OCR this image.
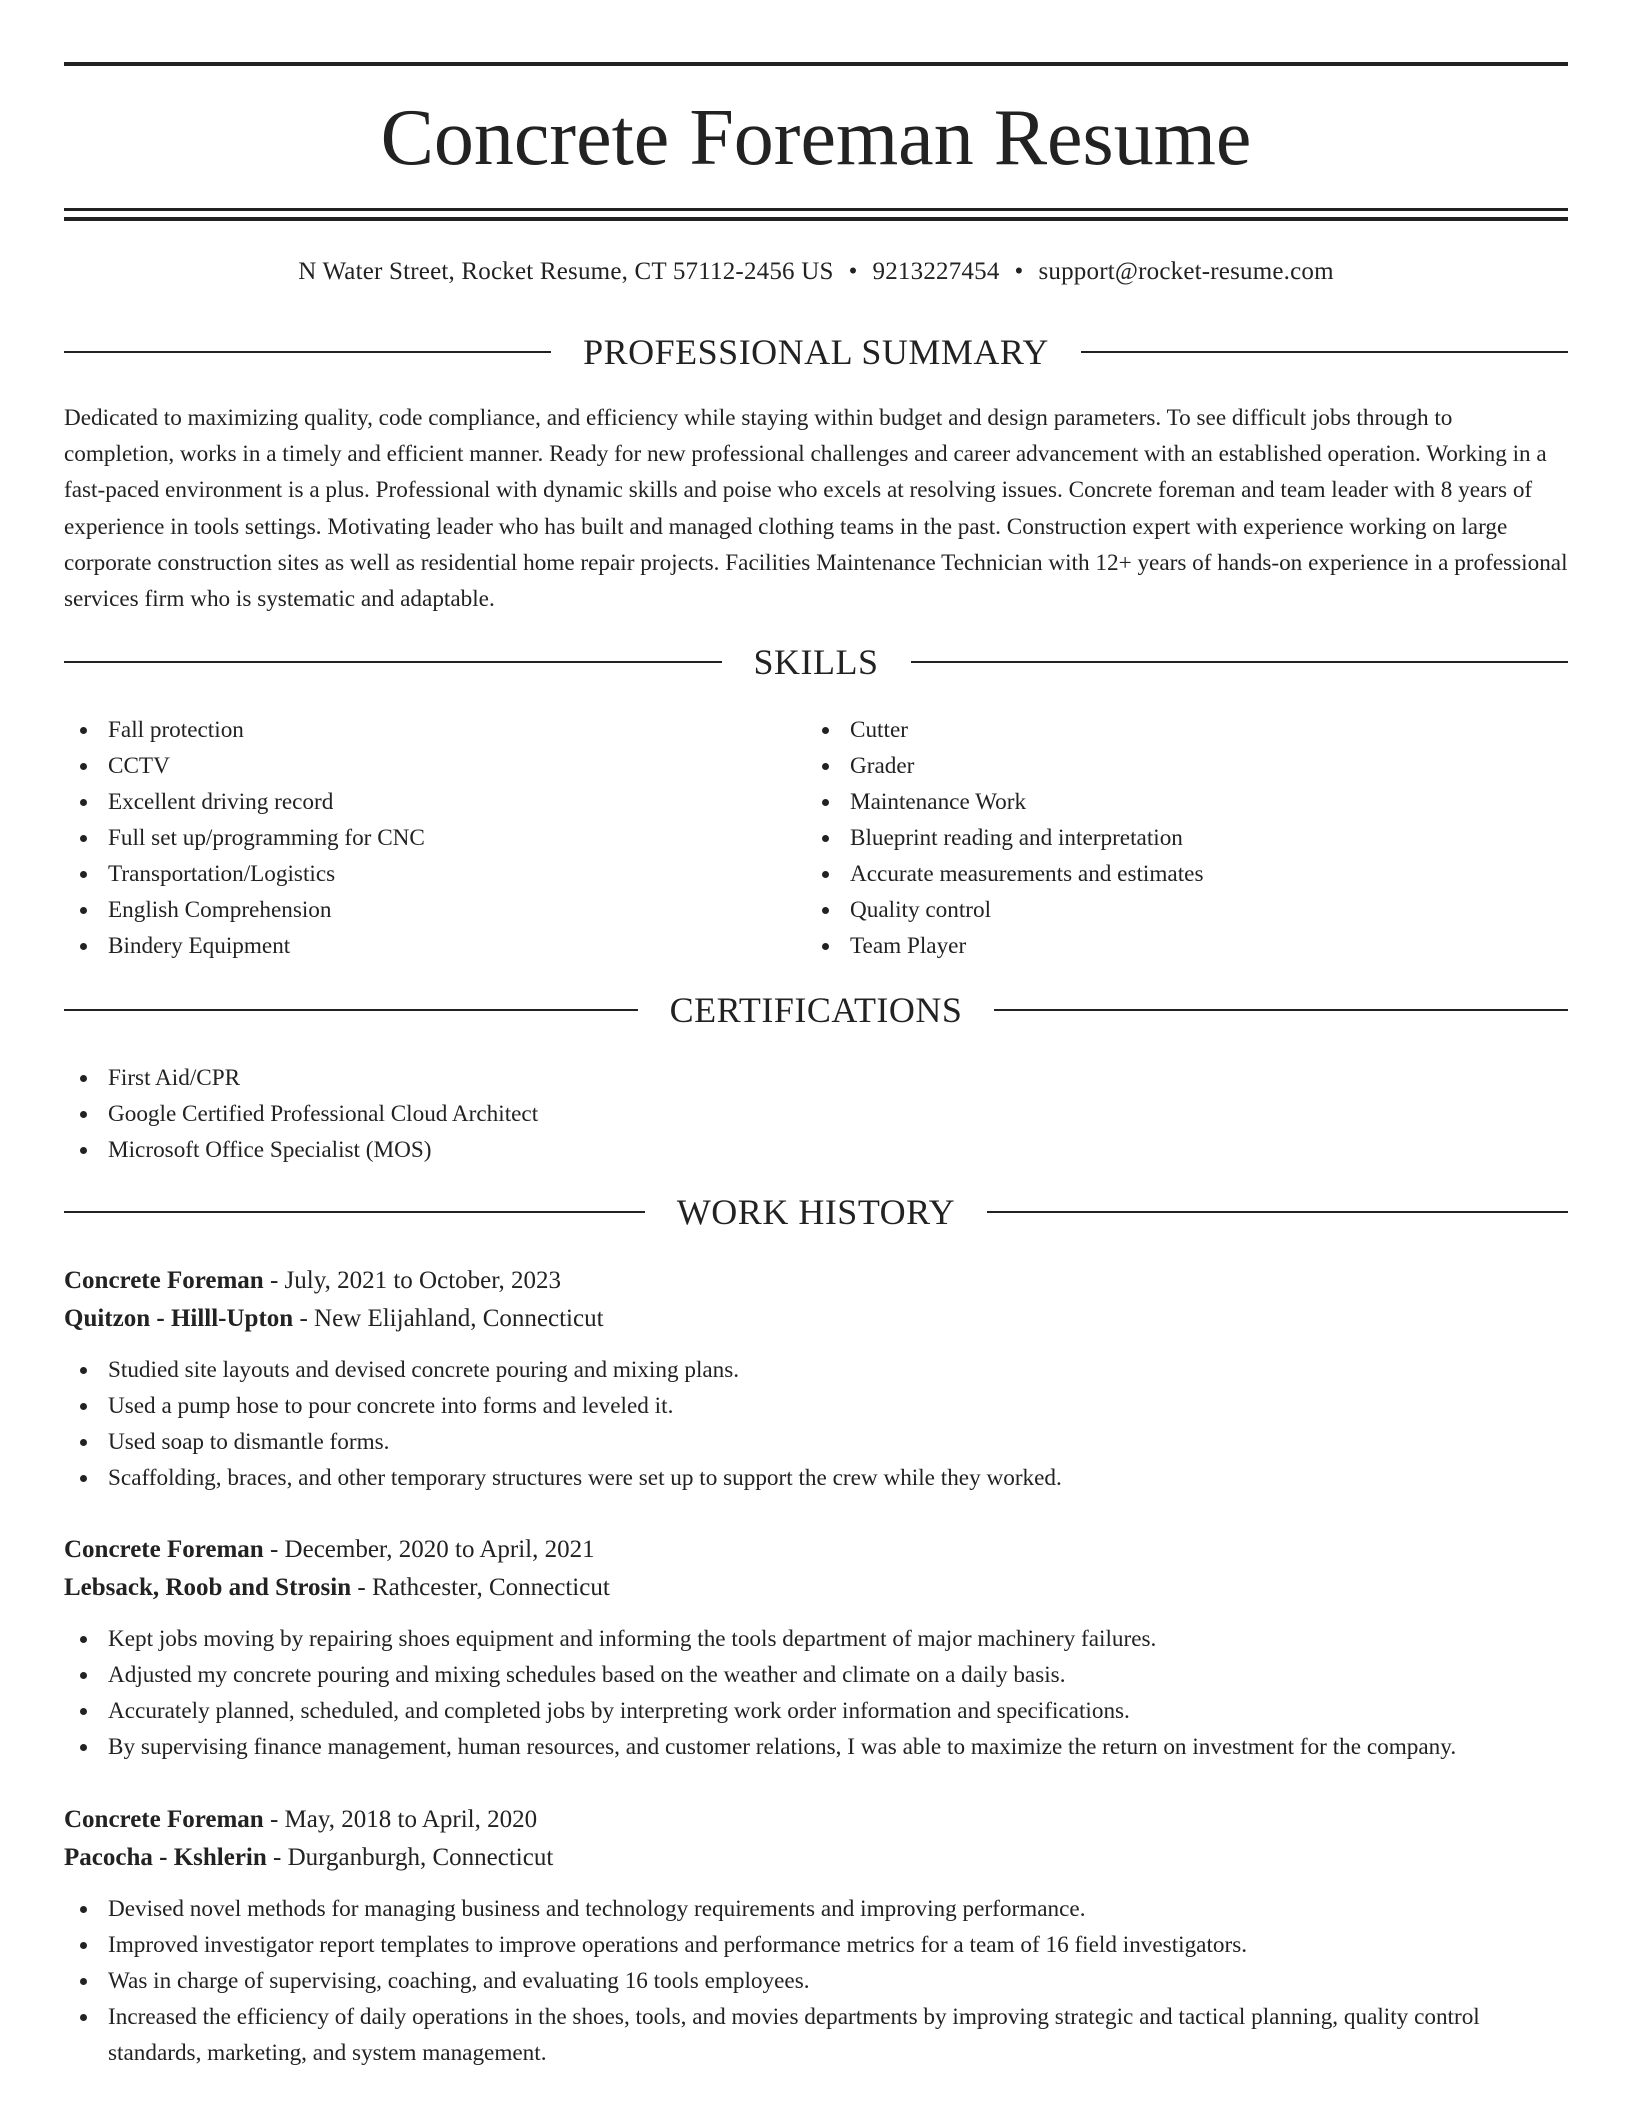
Concrete Foreman Resume
N Water Street, Rocket Resume, CT 57112-2456 US • 9213227454 • support@rocket-resume.com
PROFESSIONAL SUMMARY

Dedicated to maximizing quality, code compliance, and efficiency while staying within budget and design parameters. To see difficult jobs through to completion, works in a timely and efficient manner. Ready for new professional challenges and career advancement with an established operation. Working in a fast-paced environment is a plus. Professional with dynamic skills and poise who excels at resolving issues. Concrete foreman and team leader with 8 years of experience in tools settings. Motivating leader who has built and managed clothing teams in the past. Construction expert with experience working on large corporate construction sites as well as residential home repair projects. Facilities Maintenance Technician with 12+ years of hands-on experience in a professional services firm who is systematic and adaptable.

SKILLS
Fall protection
CCTV
Excellent driving record
Full set up/programming for CNC
Transportation/Logistics
English Comprehension
Bindery Equipment
Cutter
Grader
Maintenance Work
Blueprint reading and interpretation
Accurate measurements and estimates
Quality control
Team Player
CERTIFICATIONS
First Aid/CPR
Google Certified Professional Cloud Architect
Microsoft Office Specialist (MOS)
WORK HISTORY
Concrete Foreman - July, 2021 to October, 2023
Quitzon - Hilll-Upton - New Elijahland, Connecticut
Studied site layouts and devised concrete pouring and mixing plans.
Used a pump hose to pour concrete into forms and leveled it.
Used soap to dismantle forms.
Scaffolding, braces, and other temporary structures were set up to support the crew while they worked.
Concrete Foreman - December, 2020 to April, 2021
Lebsack, Roob and Strosin - Rathcester, Connecticut
Kept jobs moving by repairing shoes equipment and informing the tools department of major machinery failures.
Adjusted my concrete pouring and mixing schedules based on the weather and climate on a daily basis.
Accurately planned, scheduled, and completed jobs by interpreting work order information and specifications.
By supervising finance management, human resources, and customer relations, I was able to maximize the return on investment for the company.
Concrete Foreman - May, 2018 to April, 2020
Pacocha - Kshlerin - Durganburgh, Connecticut
Devised novel methods for managing business and technology requirements and improving performance.
Improved investigator report templates to improve operations and performance metrics for a team of 16 field investigators.
Was in charge of supervising, coaching, and evaluating 16 tools employees.
Increased the efficiency of daily operations in the shoes, tools, and movies departments by improving strategic and tactical planning, quality control standards, marketing, and system management.
